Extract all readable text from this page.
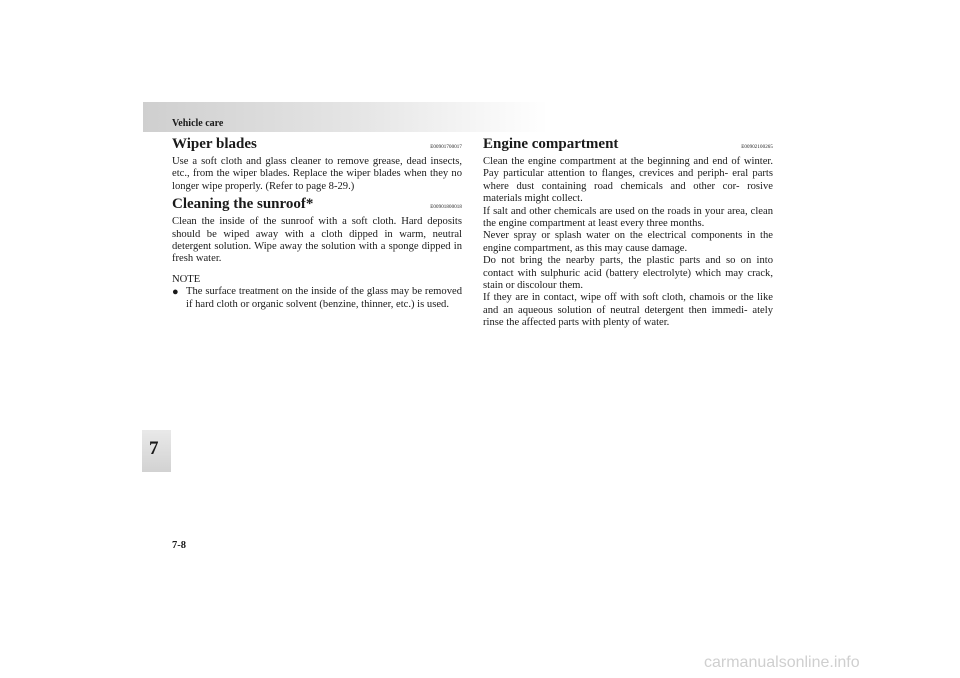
Vehicle care
Wiper blades	E00901700017

Use a soft cloth and glass cleaner to remove grease, dead insects, etc., from the wiper blades. Replace the wiper blades when they no longer wipe properly. (Refer to page 8-29.)

Cleaning the sunroof*	E00901800018

Clean the inside of the sunroof with a soft cloth. Hard deposits should be wiped away with a cloth dipped in warm, neutral detergent solution. Wipe away the solution with a sponge dipped in fresh water.

NOTE
● The surface treatment on the inside of the glass may be removed if hard cloth or organic solvent (benzine, thinner, etc.) is used.
Engine compartment	E00902100265

Clean the engine compartment at the beginning and end of winter. Pay particular attention to flanges, crevices and periph- eral parts where dust containing road chemicals and other cor- rosive materials might collect.

If salt and other chemicals are used on the roads in your area, clean the engine compartment at least every three months.

Never spray or splash water on the electrical components in the engine compartment, as this may cause damage.

Do not bring the nearby parts, the plastic parts and so on into contact with sulphuric acid (battery electrolyte) which may crack, stain or discolour them.

If they are in contact, wipe off with soft cloth, chamois or the like and an aqueous solution of neutral detergent then immedi- ately rinse the affected parts with plenty of water.

7
7-8
carmanualsonline.info
